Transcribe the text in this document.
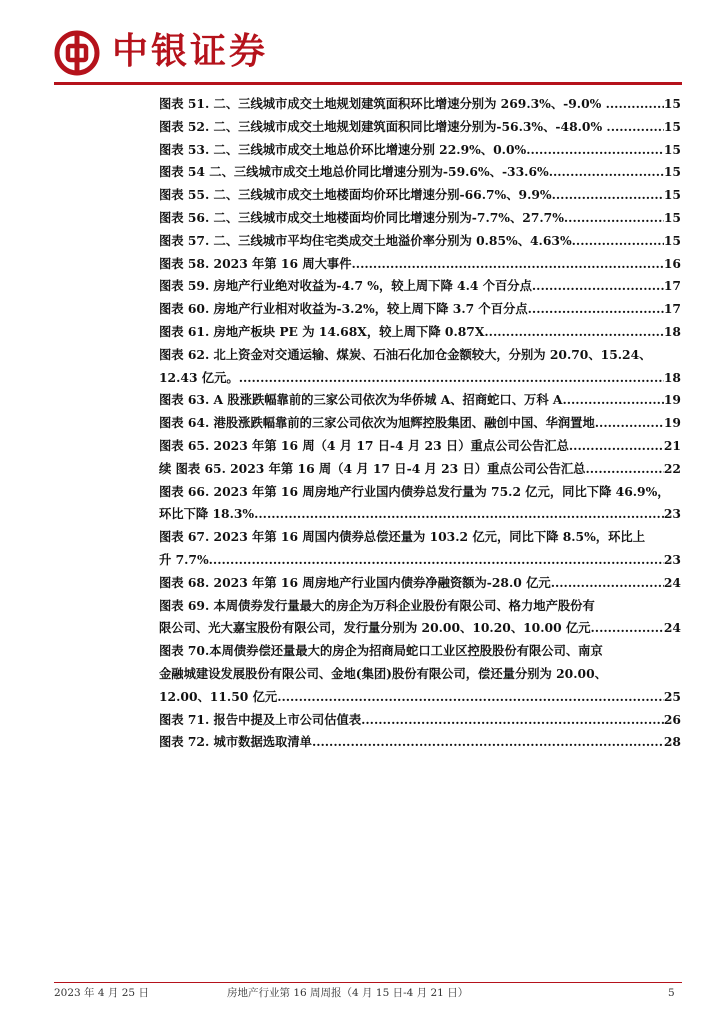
中银证券
图表 51. 二、三线城市成交土地规划建筑面积环比增速分别为 269.3%、-9.0% . .....	15
图表 52. 二、三线城市成交土地规划建筑面积同比增速分别为-56.3%、-48.0% . .....	15
图表 53. 二、三线城市成交土地总价环比增速分别 22.9%、0.0% .....	15
图表 54 二、三线城市成交土地总价同比增速分别为-59.6%、-33.6% .....	15
图表 55. 二、三线城市成交土地楼面均价环比增速分别-66.7%、9.9% .....	15
图表 56. 二、三线城市成交土地楼面均价同比增速分别为-7.7%、27.7% .....	15
图表 57. 二、三线城市平均住宅类成交土地溢价率分别为 0.85%、4.63% .....	15
图表 58. 2023 年第 16 周大事件 .....	16
图表 59. 房地产行业绝对收益为-4.7 %，较上周下降 4.4 个百分点 .....	17
图表 60. 房地产行业相对收益为-3.2%，较上周下降 3.7 个百分点 .....	17
图表 61. 房地产板块 PE 为 14.68X，较上周下降 0.87X .....	18
图表 62. 北上资金对交通运输、煤炭、石油石化加仓金额较大，分别为 20.70、15.24、
12.43 亿元。 .....	18
图表 63. A 股涨跌幅靠前的三家公司依次为华侨城 A、招商蛇口、万科 A .....	19
图表 64. 港股涨跌幅靠前的三家公司依次为旭辉控股集团、融创中国、华润置地 .....	19
图表 65. 2023 年第 16 周（4 月 17 日-4 月 23 日）重点公司公告汇总 .....	21
续 图表 65. 2023 年第 16 周（4 月 17 日-4 月 23 日）重点公司公告汇总 .....	22
图表 66. 2023 年第 16 周房地产行业国内债券总发行量为 75.2 亿元，同比下降 46.9%，
环比下降 18.3% .....	23
图表 67. 2023 年第 16 周国内债券总偿还量为 103.2 亿元，同比下降 8.5%，环比上
升 7.7% .....	23
图表 68. 2023 年第 16 周房地产行业国内债券净融资额为-28.0 亿元 .....	24
图表 69. 本周债券发行量最大的房企为万科企业股份有限公司、格力地产股份有
限公司、光大嘉宝股份有限公司，发行量分别为 20.00、10.20、10.00 亿元 .....	24
图表 70.本周债券偿还量最大的房企为招商局蛇口工业区控股股份有限公司、南京
金融城建设发展股份有限公司、金地(集团)股份有限公司，偿还量分别为 20.00、
12.00、11.50 亿元 .....	25
图表 71. 报告中提及上市公司估值表 .....	26
图表 72. 城市数据选取清单 .....	28
2023 年 4 月 25 日	房地产行业第 16 周周报（4 月 15 日-4 月 21 日）	5
